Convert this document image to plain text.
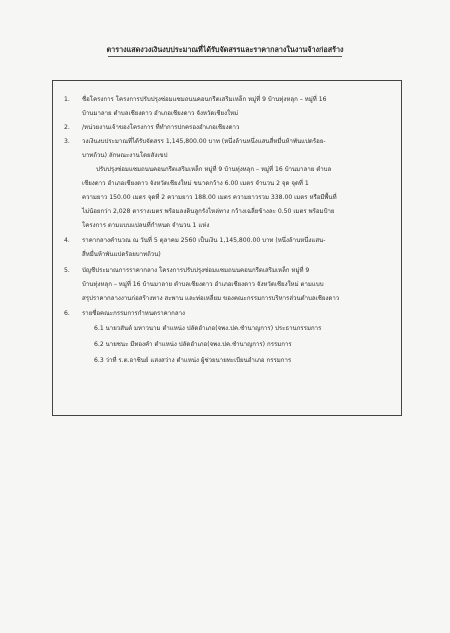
ตารางแสดงวงเงินงบประมาณที่ได้รับจัดสรรและราคากลางในงานจ้างก่อสร้าง
1. ชื่อโครงการ โครงการปรับปรุงซ่อมแซมถนนคอนกรีตเสริมเหล็ก หมู่ที่ 9 บ้านทุ่งหลุก – หมู่ที่ 16
บ้านมาลาย ตำบลเชียงดาว อำเภอเชียงดาว จังหวัดเชียงใหม่
2. /หน่วยงานเจ้าของโครงการ ที่ทำการปกครองอำเภอเชียงดาว
3. วงเงินงบประมาณที่ได้รับจัดสรร 1,145,800.00 บาท (หนึ่งล้านหนึ่งแสนสี่หมื่นห้าพันแปดร้อย-
บาทถ้วน) ลักษณะงานโดยสังเขป
ปรับปรุงซ่อมแซมถนนคอนกรีตเสริมเหล็ก หมู่ที่ 9 บ้านทุ่งหลุก – หมู่ที่ 16 บ้านมาลาย ตำบล
เชียงดาว อำเภอเชียงดาว จังหวัดเชียงใหม่ ขนาดกว้าง 6.00 เมตร จำนวน 2 จุด จุดที่ 1
ความยาว 150.00 เมตร จุดที่ 2 ความยาว 188.00 เมตร ความยาวรวม 338.00 เมตร หรือมีพื้นที่
ไม่น้อยกว่า 2,028 ตารางเมตร พร้อมลงดินลูกรังไหล่ทาง กว้างเฉลี่ยข้างละ 0.50 เมตร พร้อมป้าย
โครงการ ตามแบบแปลนที่กำหนด จำนวน 1 แห่ง
4. ราคากลางคำนวณ ณ วันที่ 5 ตุลาคม 2560 เป็นเงิน 1,145,800.00 บาท (หนึ่งล้านหนึ่งแสน-
สี่หมื่นห้าพันแปดร้อยบาทถ้วน)
5. บัญชีประมาณการราคากลาง โครงการปรับปรุงซ่อมแซมถนนคอนกรีตเสริมเหล็ก หมู่ที่ 9
บ้านทุ่งหลุก – หมู่ที่ 16 บ้านมาลาย ตำบลเชียงดาว อำเภอเชียงดาว จังหวัดเชียงใหม่ ตามแบบ
สรุปราคากลางงานก่อสร้างทาง สะพาน และท่อเหลี่ยม ของคณะกรรมการบริหารส่วนตำบลเชียงดาว
6. รายชื่อคณะกรรมการกำหนดราคากลาง
6.1 นายวสันต์ มหาวนาม ตำแหน่ง ปลัดอำเภอ(จพง.ปค.ชำนาญการ) ประธานกรรมการ
6.2 นายชนะ มีทองคำ ตำแหน่ง ปลัดอำเภอ(จพง.ปค.ชำนาญการ) กรรมการ
6.3 ว่าที่ ร.ต.อาชินย์ แสงสว่าง ตำแหน่ง ผู้ช่วยนายทะเบียนอำเภอ กรรมการ
